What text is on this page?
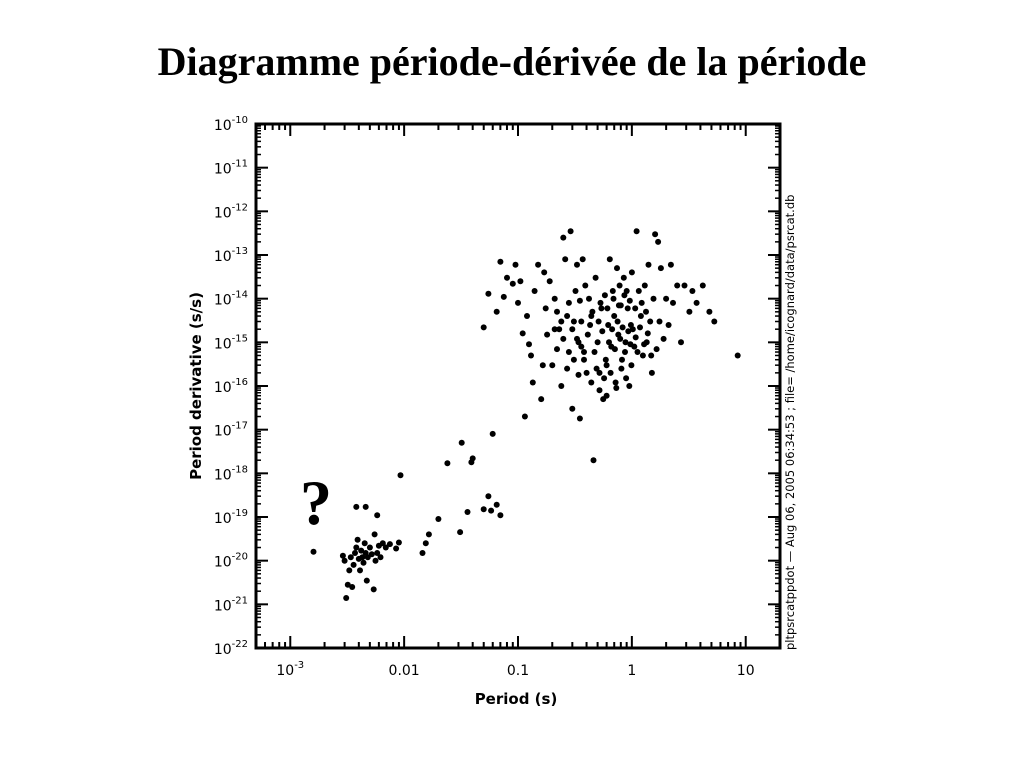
Diagramme période-dérivée de la période
$10^{-3}$	0.01	0.1	1	10
$10^{-10}$
$10^{-11}$
$10^{-12}$
$10^{-13}$
$10^{-14}$
$10^{-15}$
$10^{-16}$
$10^{-17}$
$10^{-18}$
$10^{-19}$
$10^{-20}$
$10^{-21}$
$10^{-22}$
Period (s)
Period derivative (s/s)	pltpsrcatppdot — Aug 06, 2005 06:34:53 ; file= /home/icognard/data/psrcat.db
?
